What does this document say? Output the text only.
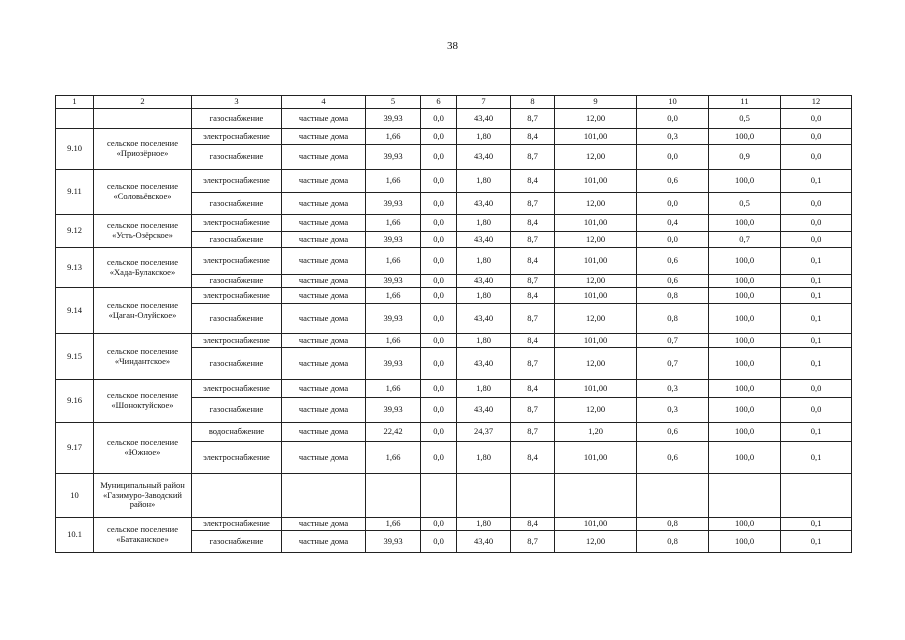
38
1	2	3	4	5	6	7	8	9	10	11	12
		газоснабжение	частные дома	39,93	0,0	43,40	8,7	12,00	0,0	0,5	0,0
9.10	сельское поселение «Приозёрное»	электроснабжение	частные дома	1,66	0,0	1,80	8,4	101,00	0,3	100,0	0,0
		газоснабжение	частные дома	39,93	0,0	43,40	8,7	12,00	0,0	0,9	0,0
9.11	сельское поселение «Соловьёвское»	электроснабжение	частные дома	1,66	0,0	1,80	8,4	101,00	0,6	100,0	0,1
		газоснабжение	частные дома	39,93	0,0	43,40	8,7	12,00	0,0	0,5	0,0
9.12	сельское поселение «Усть-Озёрское»	электроснабжение	частные дома	1,66	0,0	1,80	8,4	101,00	0,4	100,0	0,0
		газоснабжение	частные дома	39,93	0,0	43,40	8,7	12,00	0,0	0,7	0,0
9.13	сельское поселение «Хада-Булакское»	электроснабжение	частные дома	1,66	0,0	1,80	8,4	101,00	0,6	100,0	0,1
		газоснабжение	частные дома	39,93	0,0	43,40	8,7	12,00	0,6	100,0	0,1
9.14	сельское поселение «Цаган-Олуйское»	электроснабжение	частные дома	1,66	0,0	1,80	8,4	101,00	0,8	100,0	0,1
		газоснабжение	частные дома	39,93	0,0	43,40	8,7	12,00	0,8	100,0	0,1
9.15	сельское поселение «Чиндантское»	электроснабжение	частные дома	1,66	0,0	1,80	8,4	101,00	0,7	100,0	0,1
		газоснабжение	частные дома	39,93	0,0	43,40	8,7	12,00	0,7	100,0	0,1
9.16	сельское поселение «Шоноктуйское»	электроснабжение	частные дома	1,66	0,0	1,80	8,4	101,00	0,3	100,0	0,0
		газоснабжение	частные дома	39,93	0,0	43,40	8,7	12,00	0,3	100,0	0,0
9.17	сельское поселение «Южное»	водоснабжение	частные дома	22,42	0,0	24,37	8,7	1,20	0,6	100,0	0,1
		электроснабжение	частные дома	1,66	0,0	1,80	8,4	101,00	0,6	100,0	0,1
10	Муниципальный район «Газимуро-Заводский район»										
10.1	сельское поселение «Батаканское»	электроснабжение	частные дома	1,66	0,0	1,80	8,4	101,00	0,8	100,0	0,1
		газоснабжение	частные дома	39,93	0,0	43,40	8,7	12,00	0,8	100,0	0,1
